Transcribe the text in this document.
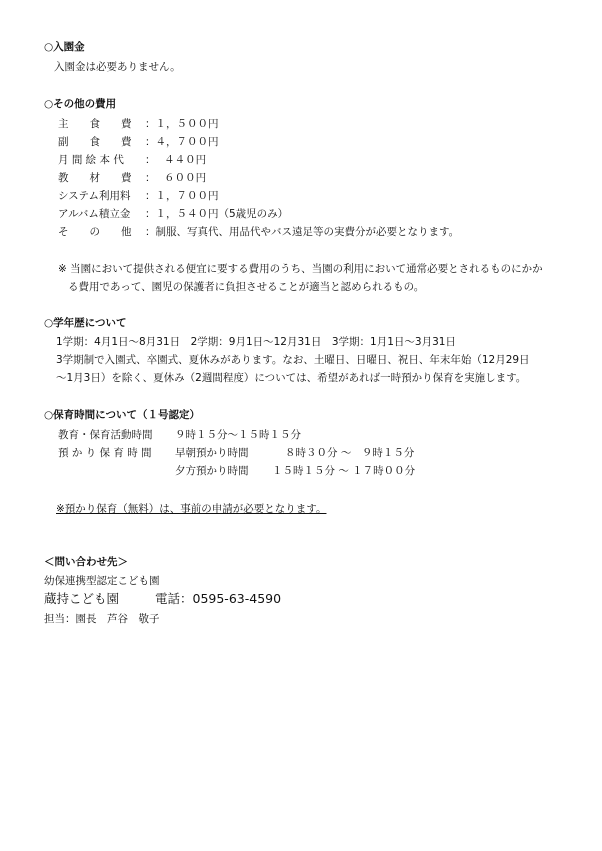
○入園金
入園金は必要ありません。
○その他の費用
主　　食　　費 ：１，５００円
副　　食　　費 ：４，７００円
月 間 絵 本 代 ：　 ４４０円
教　　材　　費 ：　 ６００円
システム利用料 ：１，７００円
アルバム積立金 ：１，５４０円（5歳児のみ）
そ　　の　　他 ：制服、写真代、用品代やバス遠足等の実費分が必要となります。
※ 当園において提供される便宜に要する費用のうち、当園の利用において通常必要とされるものにかか
る費用であって、園児の保護者に負担させることが適当と認められるもの。
○学年歴について
1学期：4月1日～8月31日　2学期：9月1日～12月31日　3学期：1月1日～3月31日
3学期制で入園式、卒園式、夏休みがあります。なお、土曜日、日曜日、祝日、年末年始（12月29日
～1月3日）を除く、夏休み（2週間程度）については、希望があれば一時預かり保育を実施します。
○保育時間について（１号認定）
教育・保育活動時間 ９時１５分～１５時１５分
預 か り 保 育 時 間 早朝預かり時間	８時３０分 ～　９時１５分
夕方預かり時間 １５時１５分 ～ １７時００分
※預かり保育（無料）は、事前の申請が必要となります。
＜問い合わせ先＞
幼保連携型認定こども園
蔵持こども園	電話：0595-63-4590
担当：園長　芦谷　敬子
